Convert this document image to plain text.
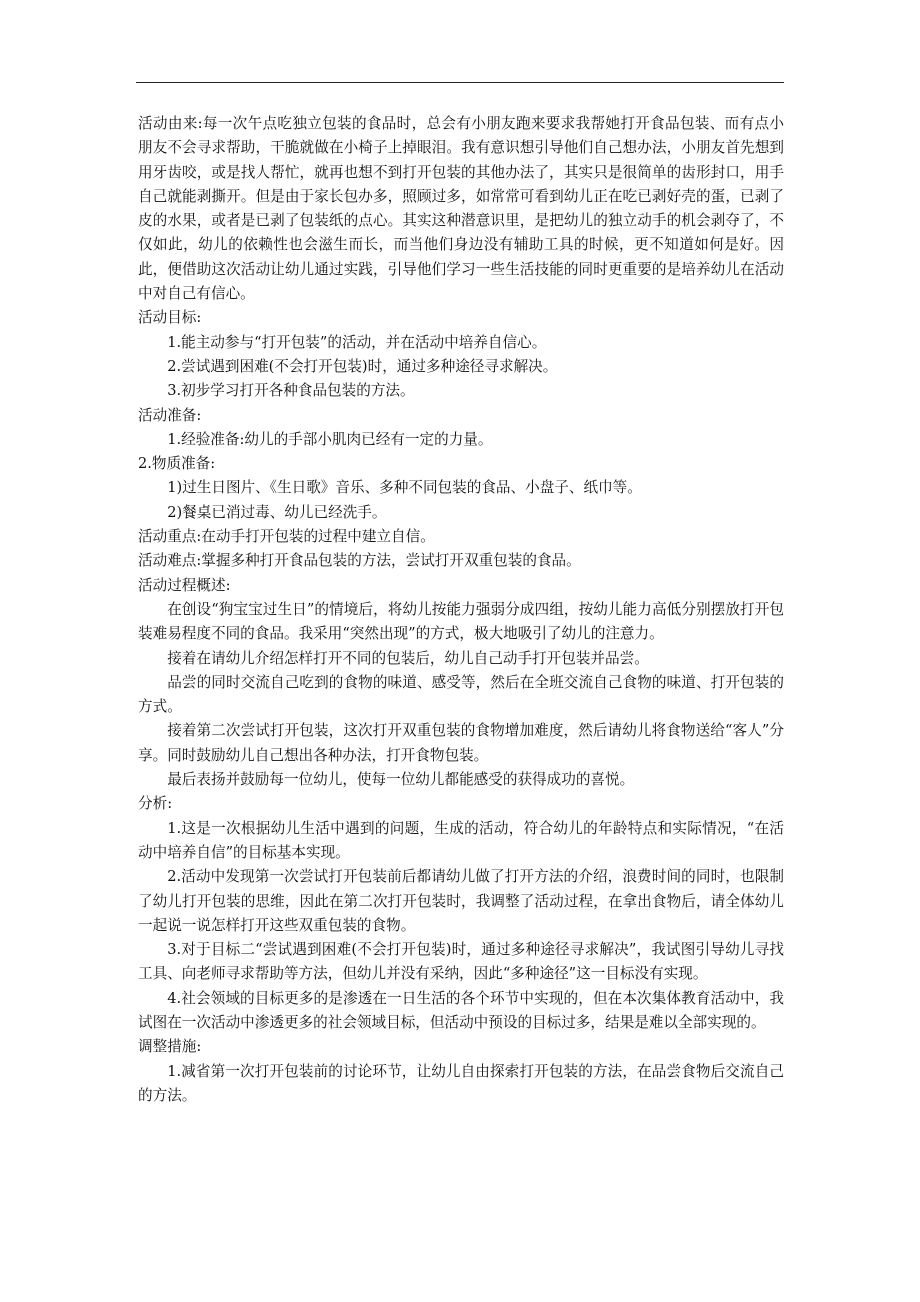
活动由来:每一次午点吃独立包装的食品时，总会有小朋友跑来要求我帮她打开食品包装、而有点小朋友不会寻求帮助，干脆就做在小椅子上掉眼泪。我有意识想引导他们自己想办法，小朋友首先想到用牙齿咬，或是找人帮忙，就再也想不到打开包装的其他办法了，其实只是很简单的齿形封口，用手自己就能剥撕开。但是由于家长包办多，照顾过多，如常常可看到幼儿正在吃已剥好壳的蛋，已剥了皮的水果，或者是已剥了包装纸的点心。其实这种潜意识里，是把幼儿的独立动手的机会剥夺了，不仅如此，幼儿的依赖性也会滋生而长，而当他们身边没有辅助工具的时候，更不知道如何是好。因此，便借助这次活动让幼儿通过实践，引导他们学习一些生活技能的同时更重要的是培养幼儿在活动中对自己有信心。

活动目标:

1.能主动参与“打开包装”的活动，并在活动中培养自信心。

2.尝试遇到困难(不会打开包装)时，通过多种途径寻求解决。

3.初步学习打开各种食品包装的方法。

活动准备:

1.经验准备:幼儿的手部小肌肉已经有一定的力量。

2.物质准备:

1)过生日图片、《生日歌》音乐、多种不同包装的食品、小盘子、纸巾等。

2)餐桌已消过毒、幼儿已经洗手。

活动重点:在动手打开包装的过程中建立自信。

活动难点:掌握多种打开食品包装的方法，尝试打开双重包装的食品。

活动过程概述:

在创设“狗宝宝过生日”的情境后，将幼儿按能力强弱分成四组，按幼儿能力高低分别摆放打开包装难易程度不同的食品。我采用“突然出现”的方式，极大地吸引了幼儿的注意力。

接着在请幼儿介绍怎样打开不同的包装后，幼儿自己动手打开包装并品尝。

品尝的同时交流自己吃到的食物的味道、感受等，然后在全班交流自己食物的味道、打开包装的方式。

接着第二次尝试打开包装，这次打开双重包装的食物增加难度，然后请幼儿将食物送给“客人”分享。同时鼓励幼儿自己想出各种办法，打开食物包装。

最后表扬并鼓励每一位幼儿，使每一位幼儿都能感受的获得成功的喜悦。

分析:

1.这是一次根据幼儿生活中遇到的问题，生成的活动，符合幼儿的年龄特点和实际情况，“在活动中培养自信”的目标基本实现。

2.活动中发现第一次尝试打开包装前后都请幼儿做了打开方法的介绍，浪费时间的同时，也限制了幼儿打开包装的思维，因此在第二次打开包装时，我调整了活动过程，在拿出食物后，请全体幼儿一起说一说怎样打开这些双重包装的食物。

3.对于目标二“尝试遇到困难(不会打开包装)时，通过多种途径寻求解决”，我试图引导幼儿寻找工具、向老师寻求帮助等方法，但幼儿并没有采纳，因此“多种途径”这一目标没有实现。

4.社会领域的目标更多的是渗透在一日生活的各个环节中实现的，但在本次集体教育活动中，我试图在一次活动中渗透更多的社会领域目标，但活动中预设的目标过多，结果是难以全部实现的。

调整措施:

1.减省第一次打开包装前的讨论环节，让幼儿自由探索打开包装的方法，在品尝食物后交流自己的方法。
